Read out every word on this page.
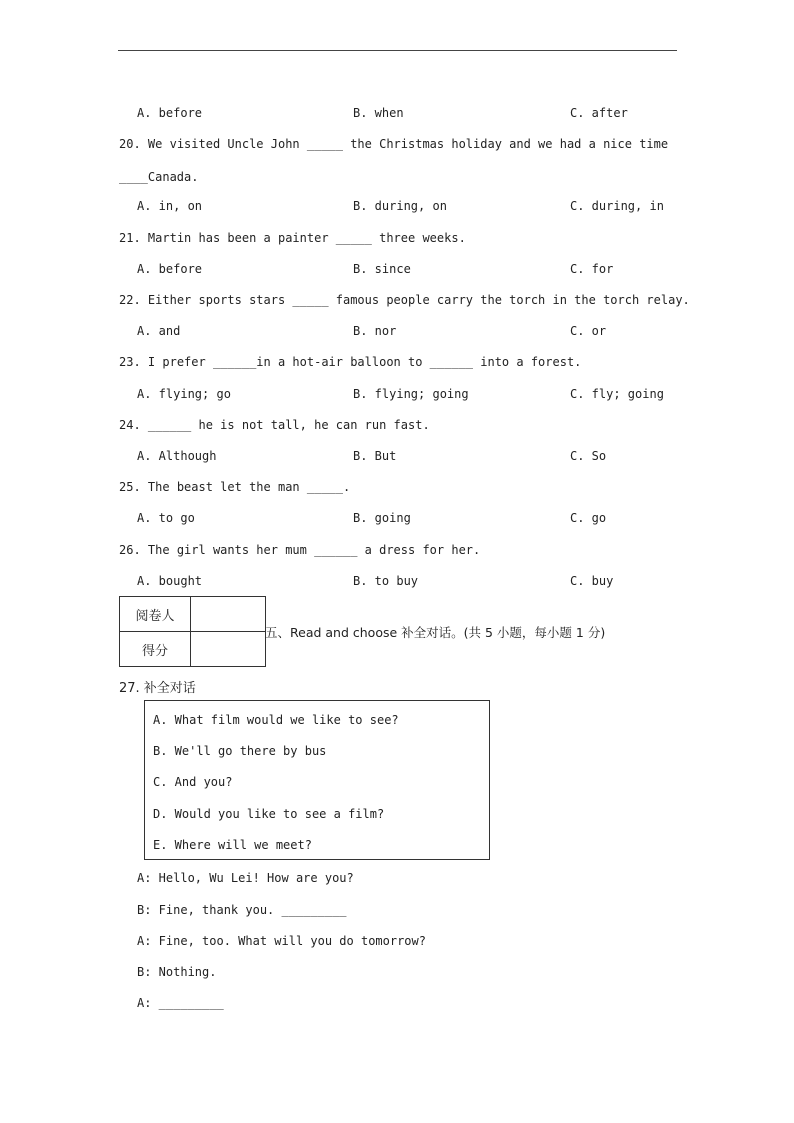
A. before	B. when	C. after
20. We visited Uncle John _____ the Christmas holiday and we had a nice time
____Canada.
A. in, on	B. during, on	C. during, in
21. Martin has been a painter _____ three weeks.
A. before	B. since	C. for
22. Either sports stars _____ famous people carry the torch in the torch relay.
A. and	B. nor	C. or
23. I prefer ______in a hot-air balloon to ______ into a forest.
A. flying; go	B. flying; going	C. fly; going
24. ______ he is not tall, he can run fast.
A. Although	B. But	C. So
25. The beast let the man _____.
A. to go	B. going	C. go
26. The girl wants her mum ______ a dress for her.
A. bought	B. to buy	C. buy
阅卷人	
得分	
五、Read and choose 补全对话。(共 5 小题，每小题 1 分)
27. 补全对话
A. What film would we like to see?
B. We'll go there by bus
C. And you?
D. Would you like to see a film?
E. Where will we meet?
A: Hello, Wu Lei! How are you?
B: Fine, thank you. _________
A: Fine, too. What will you do tomorrow?
B: Nothing.
A: _________
